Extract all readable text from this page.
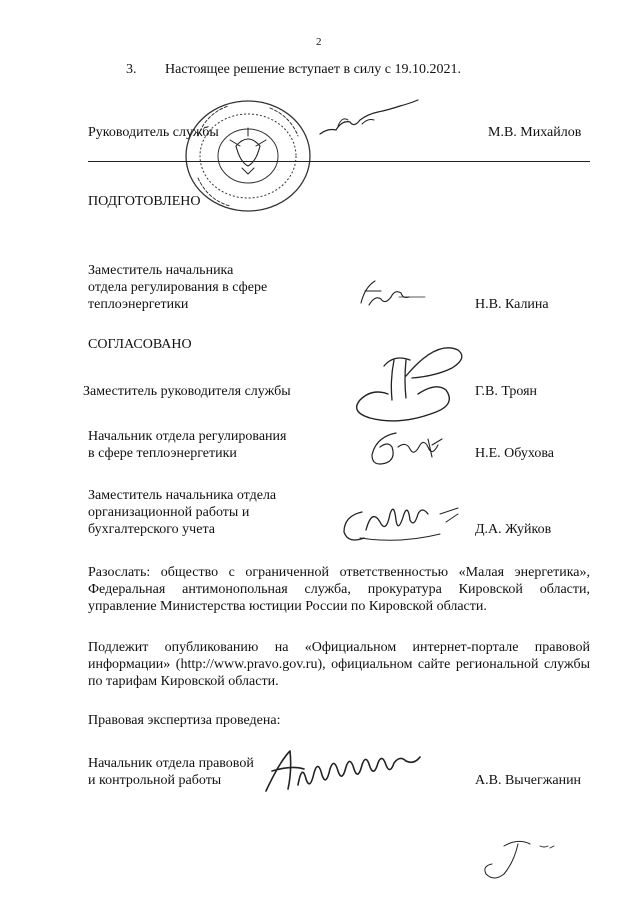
2
3. Настоящее решение вступает в силу с 19.10.2021.
Руководитель службы	М.В. Михайлов
ПОДГОТОВЛЕНО
Заместитель начальника
отдела регулирования в сфере
теплоэнергетики	Н.В. Калина
СОГЛАСОВАНО
Заместитель руководителя службы	Г.В. Троян
Начальник отдела регулирования
в сфере теплоэнергетики	Н.Е. Обухова
Заместитель начальника отдела
организационной работы и
бухгалтерского учета	Д.А. Жуйков
Разослать: общество с ограниченной ответственностью «Малая энергетика», Федеральная антимонопольная служба, прокуратура Кировской области, управление Министерства юстиции России по Кировской области.
Подлежит опубликованию на «Официальном интернет-портале правовой информации» (http://www.pravo.gov.ru), официальном сайте региональной службы по тарифам Кировской области.
Правовая экспертиза проведена:
Начальник отдела правовой
и контрольной работы	А.В. Вычегжанин
